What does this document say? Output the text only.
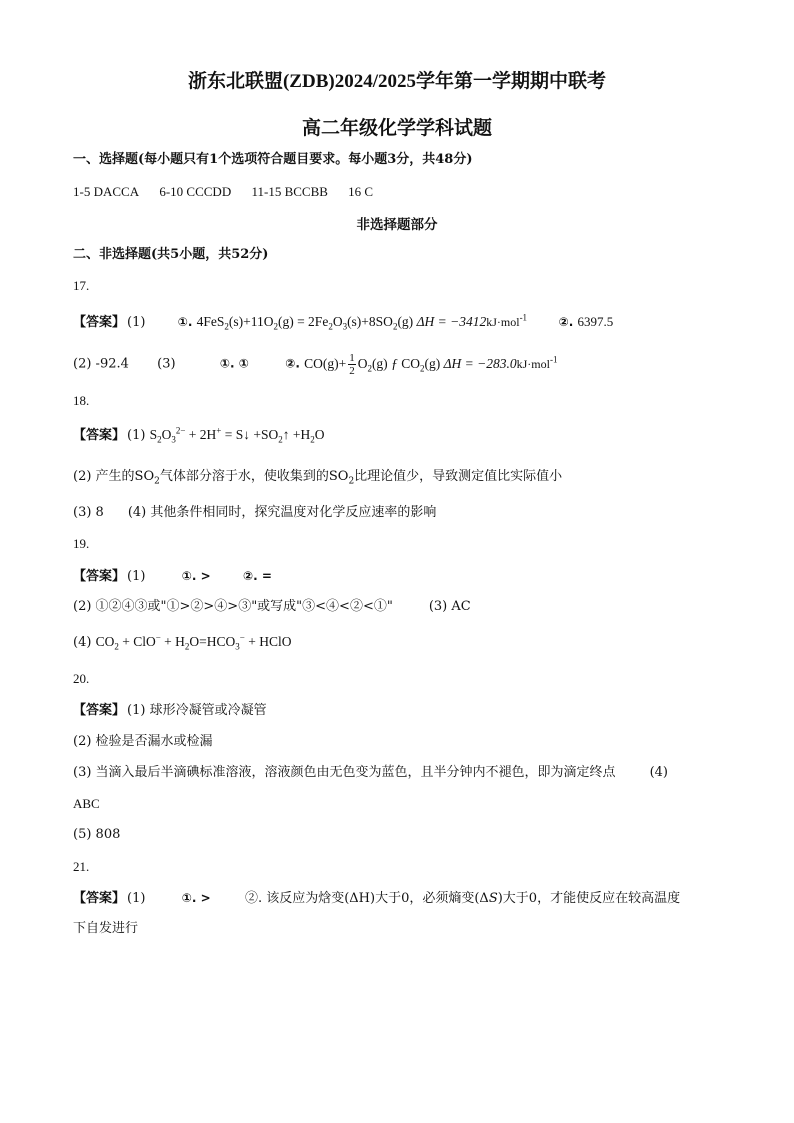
浙东北联盟(ZDB)2024/2025学年第一学期期中联考
高二年级化学学科试题
一、选择题(每小题只有1个选项符合题目要求。每小题3分，共48分)
1-5 DACCA 6-10 CCCDD 11-15 BCCBB 16 C
非选择题部分
二、非选择题(共5小题，共52分)
17.
【答案】 (1)	①. $4FeS_2(s)+11O_2(g) = 2Fe_2O_3(s)+8SO_2(g) \Delta H = -3412kJ\cdot mol^{-1}$	②. 6397.5
(2) -92.4 (3)	①. ①	②. $CO(g)+ \frac{1}{2} O_2(g)$ ƒ $CO_2(g) \Delta H = -283.0kJ\cdot mol^{-1}$
18.
【答案】 (1) $S_2O_3^{2-} + 2H^+$ = S↓ $+SO_2↑ +H_2O$
(2) 产生的$SO_2$气体部分溶于水，使收集到的$SO_2$比理论值少，导致测定值比实际值小
(3) 8 (4) 其他条件相同时，探究温度对化学反应速率的影响
19.
【答案】 (1)	①. >	②. =
(2) ①②④③或"①>②>④>③"或写成"③<④<②<①"	(3) AC
(4) $CO_2 + ClO^- + H_2O=HCO_3^-$ + HClO
20.
【答案】 (1) 球形冷凝管或冷凝管
(2) 检验是否漏水或检漏
(3) 当滴入最后半滴碘标准溶液，溶液颜色由无色变为蓝色，且半分钟内不褪色，即为滴定终点	(4)
ABC
(5) 808
21.
【答案】 (1)	①. >	②. 该反应为焓变(ΔH)大于0，必须熵变(ΔS)大于0，才能使反应在较高温度
下自发进行
